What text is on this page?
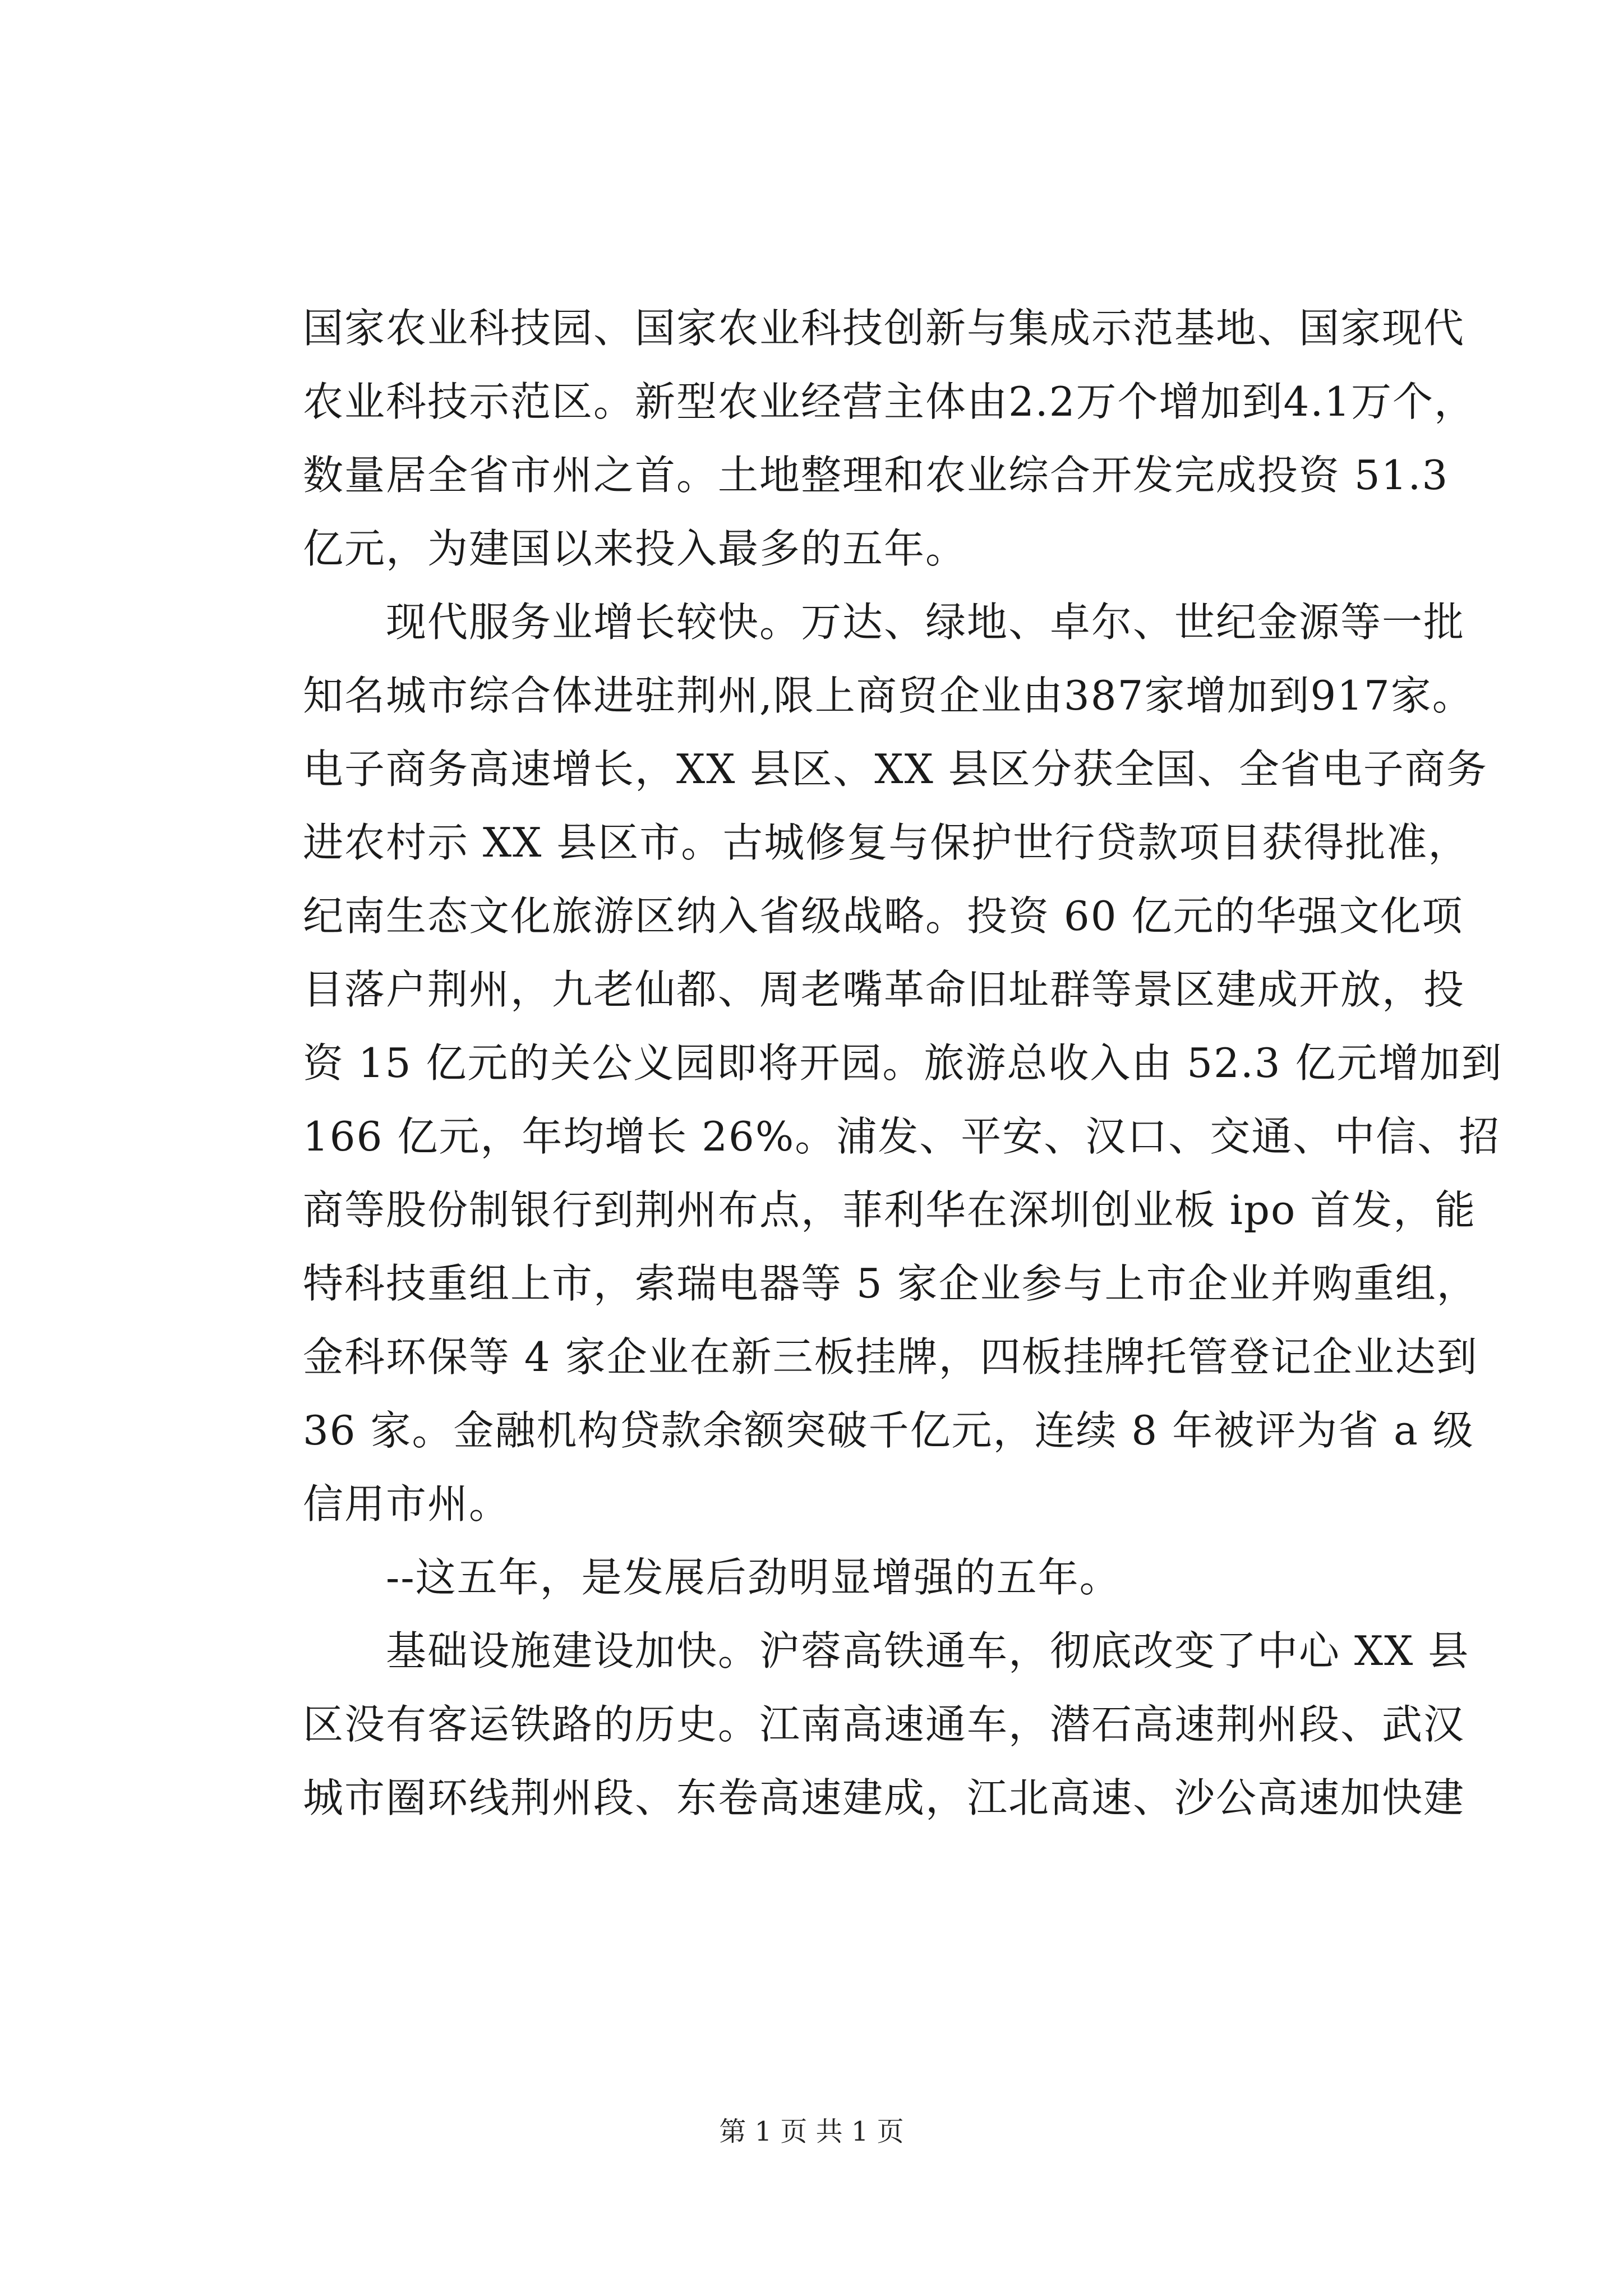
国家农业科技园、国家农业科技创新与集成示范基地、国家现代
农业科技示范区。新型农业经营主体由2.2万个增加到4.1万个，
数量居全省市州之首。土地整理和农业综合开发完成投资 51.3
亿元，为建国以来投入最多的五年。
　　现代服务业增长较快。万达、绿地、卓尔、世纪金源等一批
知名城市综合体进驻荆州,限上商贸企业由387家增加到917家。
电子商务高速增长，XX 县区、XX 县区分获全国、全省电子商务
进农村示 XX 县区市。古城修复与保护世行贷款项目获得批准，
纪南生态文化旅游区纳入省级战略。投资 60 亿元的华强文化项
目落户荆州，九老仙都、周老嘴革命旧址群等景区建成开放，投
资 15 亿元的关公义园即将开园。旅游总收入由 52.3 亿元增加到
166 亿元，年均增长 26%。浦发、平安、汉口、交通、中信、招
商等股份制银行到荆州布点，菲利华在深圳创业板 ipo 首发，能
特科技重组上市，索瑞电器等 5 家企业参与上市企业并购重组，
金科环保等 4 家企业在新三板挂牌，四板挂牌托管登记企业达到
36 家。金融机构贷款余额突破千亿元，连续 8 年被评为省 a 级
信用市州。
　　--这五年，是发展后劲明显增强的五年。
　　基础设施建设加快。沪蓉高铁通车，彻底改变了中心 XX 县
区没有客运铁路的历史。江南高速通车，潜石高速荆州段、武汉
城市圈环线荆州段、东卷高速建成，江北高速、沙公高速加快建
第 1 页 共 1 页
